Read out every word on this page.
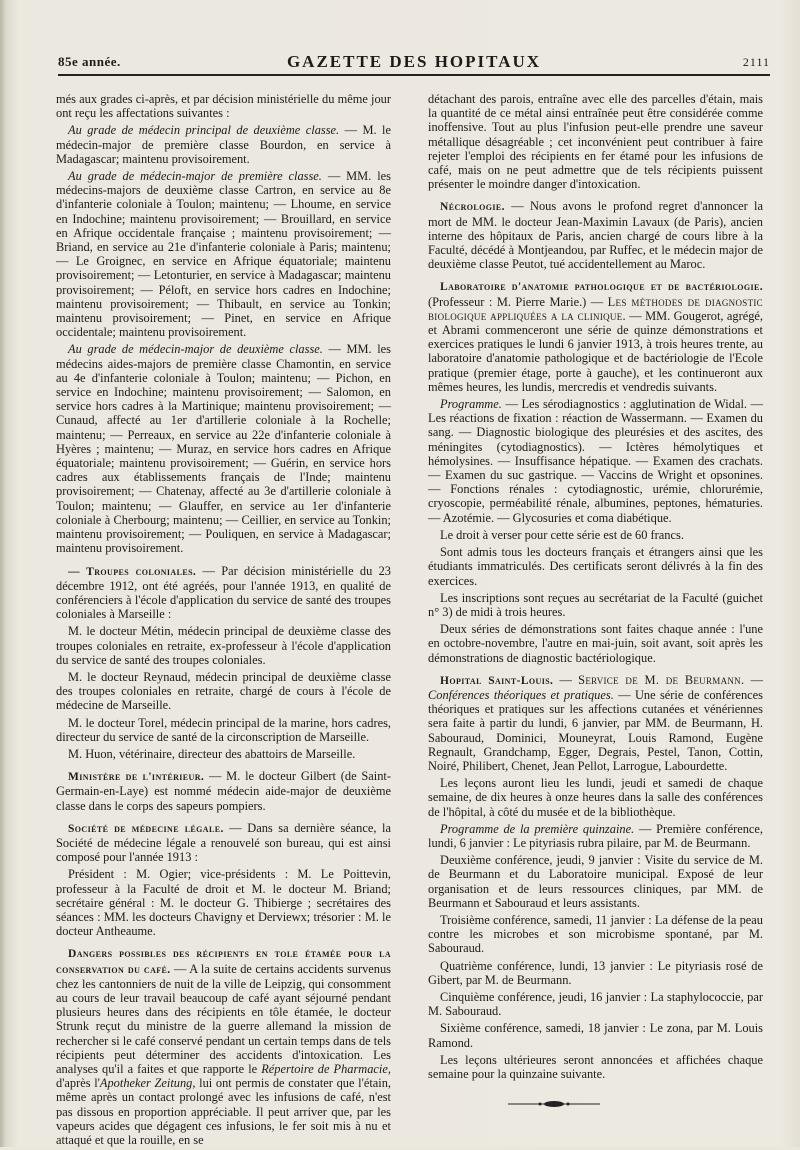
85e année.	GAZETTE DES HOPITAUX	2111

més aux grades ci-après, et par décision ministérielle du même jour ont reçu les affectations suivantes :

Au grade de médecin principal de deuxième classe. — M. le médecin-major de première classe Bourdon, en service à Madagascar; maintenu provisoirement.

Au grade de médecin-major de première classe. — MM. les médecins-majors de deuxième classe Cartron, en service au 8e d'infanterie coloniale à Toulon; maintenu; — Lhoume, en service en Indochine; maintenu provisoirement; — Brouillard, en service en Afrique occidentale française ; maintenu provisoirement; — Briand, en service au 21e d'infanterie coloniale à Paris; maintenu; — Le Groignec, en service en Afrique équatoriale; maintenu provisoirement; — Letonturier, en service à Madagascar; maintenu provisoirement; — Péloft, en service hors cadres en Indochine; maintenu provisoirement; — Thibault, en service au Tonkin; maintenu provisoirement; — Pinet, en service en Afrique occidentale; maintenu provisoirement.

Au grade de médecin-major de deuxième classe. — MM. les médecins aides-majors de première classe Chamontin, en service au 4e d'infanterie coloniale à Toulon; maintenu; — Pichon, en service en Indochine; maintenu provisoirement; — Salomon, en service hors cadres à la Martinique; maintenu provisoirement; — Cunaud, affecté au 1er d'artillerie coloniale à la Rochelle; maintenu; — Perreaux, en service au 22e d'infanterie coloniale à Hyères ; maintenu; — Muraz, en service hors cadres en Afrique équatoriale; maintenu provisoirement; — Guérin, en service hors cadres aux établissements français de l'Inde; maintenu provisoirement; — Chatenay, affecté au 3e d'artillerie coloniale à Toulon; maintenu; — Glauffer, en service au 1er d'infanterie coloniale à Cherbourg; maintenu; — Ceillier, en service au Tonkin; maintenu provisoirement; — Pouliquen, en service à Madagascar; maintenu provisoirement.

— Troupes coloniales. — Par décision ministérielle du 23 décembre 1912, ont été agréés, pour l'année 1913, en qualité de conférenciers à l'école d'application du service de santé des troupes coloniales à Marseille :

M. le docteur Métin, médecin principal de deuxième classe des troupes coloniales en retraite, ex-professeur à l'école d'application du service de santé des troupes coloniales.

M. le docteur Reynaud, médecin principal de deuxième classe des troupes coloniales en retraite, chargé de cours à l'école de médecine de Marseille.

M. le docteur Torel, médecin principal de la marine, hors cadres, directeur du service de santé de la circonscription de Marseille.

M. Huon, vétérinaire, directeur des abattoirs de Marseille.

Ministère de l'intérieur. — M. le docteur Gilbert (de Saint-Germain-en-Laye) est nommé médecin aide-major de deuxième classe dans le corps des sapeurs pompiers.

Société de médecine légale. — Dans sa dernière séance, la Société de médecine légale a renouvelé son bureau, qui est ainsi composé pour l'année 1913 :

Président : M. Ogier; vice-présidents : M. Le Poittevin, professeur à la Faculté de droit et M. le docteur M. Briand; secrétaire général : M. le docteur G. Thibierge ; secrétaires des séances : MM. les docteurs Chavigny et Derviewx; trésorier : M. le docteur Antheaume.

Dangers possibles des récipients en tole étamée pour la conservation du café. — A la suite de certains accidents survenus chez les cantonniers de nuit de la ville de Leipzig, qui consomment au cours de leur travail beaucoup de café ayant séjourné pendant plusieurs heures dans des récipients en tôle étamée, le docteur Strunk reçut du ministre de la guerre allemand la mission de rechercher si le café conservé pendant un certain temps dans de tels récipients peut déterminer des accidents d'intoxication. Les analyses qu'il a faites et que rapporte le Répertoire de Pharmacie, d'après l'Apotheker Zeitung, lui ont permis de constater que l'étain, même après un contact prolongé avec les infusions de café, n'est pas dissous en proportion appréciable. Il peut arriver que, par les vapeurs acides que dégagent ces infusions, le fer soit mis à nu et attaqué et que la rouille, en se

détachant des parois, entraîne avec elle des parcelles d'étain, mais la quantité de ce métal ainsi entraînée peut être considérée comme inoffensive. Tout au plus l'infusion peut-elle prendre une saveur métallique désagréable ; cet inconvénient peut contribuer à faire rejeter l'emploi des récipients en fer étamé pour les infusions de café, mais on ne peut admettre que de tels récipients puissent présenter le moindre danger d'intoxication.

Nécrologie. — Nous avons le profond regret d'annoncer la mort de MM. le docteur Jean-Maximin Lavaux (de Paris), ancien interne des hôpitaux de Paris, ancien chargé de cours libre à la Faculté, décédé à Montjeandou, par Ruffec, et le médecin major de deuxième classe Peutot, tué accidentellement au Maroc.

Laboratoire d'anatomie pathologique et de bactériologie. (Professeur : M. Pierre Marie.) — Les méthodes de diagnostic biologique appliquées a la clinique. — MM. Gougerot, agrégé, et Abrami commenceront une série de quinze démonstrations et exercices pratiques le lundi 6 janvier 1913, à trois heures trente, au laboratoire d'anatomie pathologique et de bactériologie de l'Ecole pratique (premier étage, porte à gauche), et les continueront aux mêmes heures, les lundis, mercredis et vendredis suivants.

Programme. — Les sérodiagnostics : agglutination de Widal. — Les réactions de fixation : réaction de Wassermann. — Examen du sang. — Diagnostic biologique des pleurésies et des ascites, des méningites (cytodiagnostics). — Ictères hémolytiques et hémolysines. — Insuffisance hépatique. — Examen des crachats. — Examen du suc gastrique. — Vaccins de Wright et opsonines. — Fonctions rénales : cytodiagnostic, urémie, chlorurémie, cryoscopie, perméabilité rénale, albumines, peptones, hématuries. — Azotémie. — Glycosuries et coma diabétique.

Le droit à verser pour cette série est de 60 francs.

Sont admis tous les docteurs français et étrangers ainsi que les étudiants immatriculés. Des certificats seront délivrés à la fin des exercices.

Les inscriptions sont reçues au secrétariat de la Faculté (guichet n° 3) de midi à trois heures.

Deux séries de démonstrations sont faites chaque année : l'une en octobre-novembre, l'autre en mai-juin, soit avant, soit après les démonstrations de diagnostic bactériologique.

Hopital Saint-Louis. — Service de M. de Beurmann. — Conférences théoriques et pratiques. — Une série de conférences théoriques et pratiques sur les affections cutanées et vénériennes sera faite à partir du lundi, 6 janvier, par MM. de Beurmann, H. Sabouraud, Dominici, Mouneyrat, Louis Ramond, Eugène Regnault, Grandchamp, Egger, Degrais, Pestel, Tanon, Cottin, Noiré, Philibert, Chenet, Jean Pellot, Larrogue, Labourdette.

Les leçons auront lieu les lundi, jeudi et samedi de chaque semaine, de dix heures à onze heures dans la salle des conférences de l'hôpital, à côté du musée et de la bibliothèque.

Programme de la première quinzaine. — Première conférence, lundi, 6 janvier : Le pityriasis rubra pilaire, par M. de Beurmann.

Deuxième conférence, jeudi, 9 janvier : Visite du service de M. de Beurmann et du Laboratoire municipal. Exposé de leur organisation et de leurs ressources cliniques, par MM. de Beurmann et Sabouraud et leurs assistants.

Troisième conférence, samedi, 11 janvier : La défense de la peau contre les microbes et son microbisme spontané, par M. Sabouraud.

Quatrième conférence, lundi, 13 janvier : Le pityriasis rosé de Gibert, par M. de Beurmann.

Cinquième conférence, jeudi, 16 janvier : La staphylococcie, par M. Sabouraud.

Sixième conférence, samedi, 18 janvier : Le zona, par M. Louis Ramond.

Les leçons ultérieures seront annoncées et affichées chaque semaine pour la quinzaine suivante.
